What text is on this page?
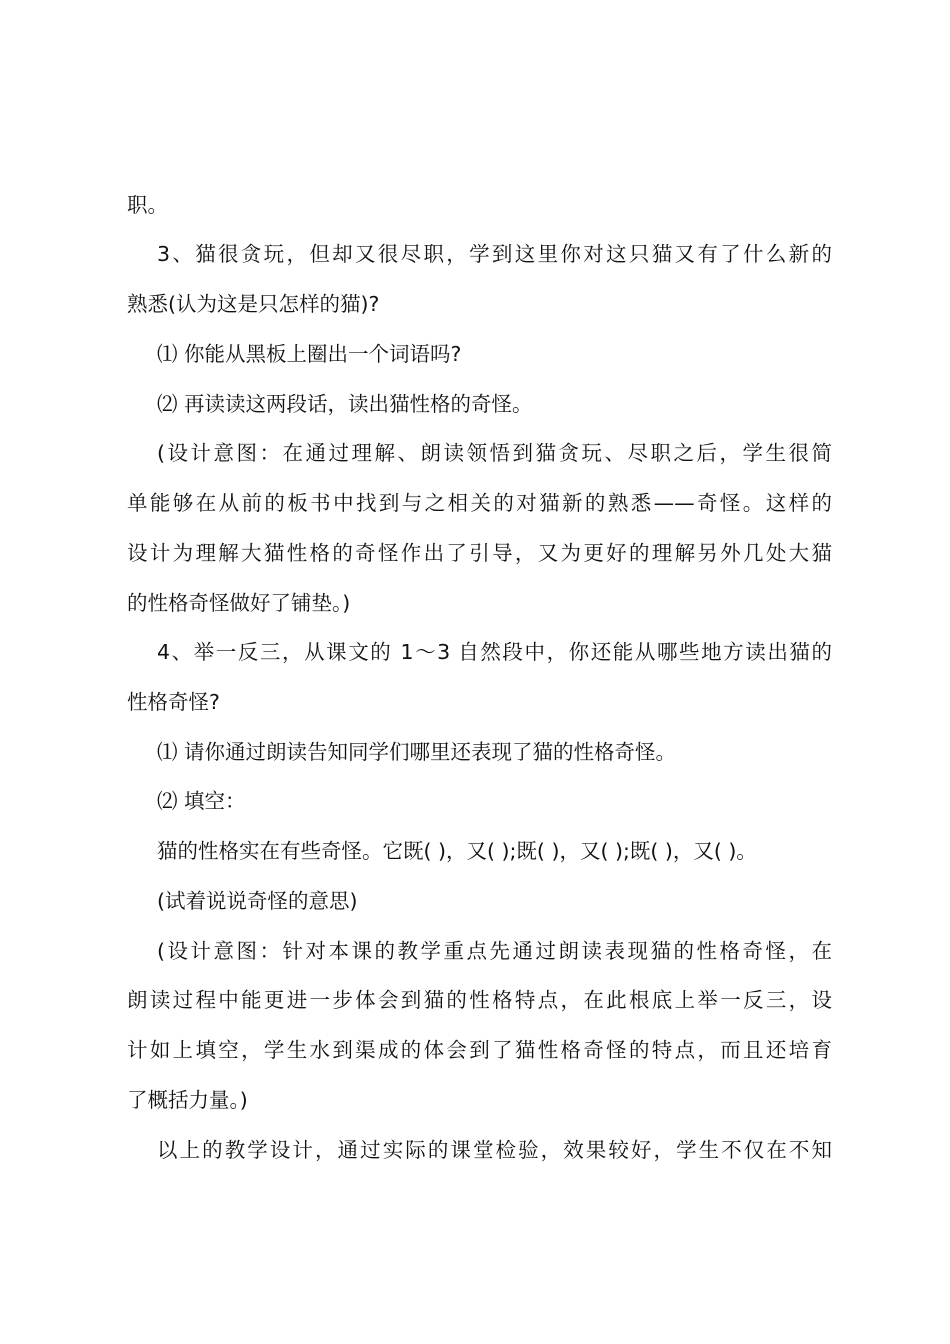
职。
3、猫很贪玩，但却又很尽职，学到这里你对这只猫又有了什么新的
熟悉(认为这是只怎样的猫)?
⑴ 你能从黑板上圈出一个词语吗?
⑵ 再读读这两段话，读出猫性格的奇怪。
(设计意图：在通过理解、朗读领悟到猫贪玩、尽职之后，学生很简
单能够在从前的板书中找到与之相关的对猫新的熟悉——奇怪。这样的
设计为理解大猫性格的奇怪作出了引导，又为更好的理解另外几处大猫
的性格奇怪做好了铺垫。)
4、举一反三，从课文的 1～3 自然段中，你还能从哪些地方读出猫的
性格奇怪?
⑴ 请你通过朗读告知同学们哪里还表现了猫的性格奇怪。
⑵ 填空：
猫的性格实在有些奇怪。它既( )，又( );既( )，又( );既( )，又( )。
(试着说说奇怪的意思)
(设计意图：针对本课的教学重点先通过朗读表现猫的性格奇怪，在
朗读过程中能更进一步体会到猫的性格特点，在此根底上举一反三，设
计如上填空，学生水到渠成的体会到了猫性格奇怪的特点，而且还培育
了概括力量。)
以上的教学设计，通过实际的课堂检验，效果较好，学生不仅在不知
